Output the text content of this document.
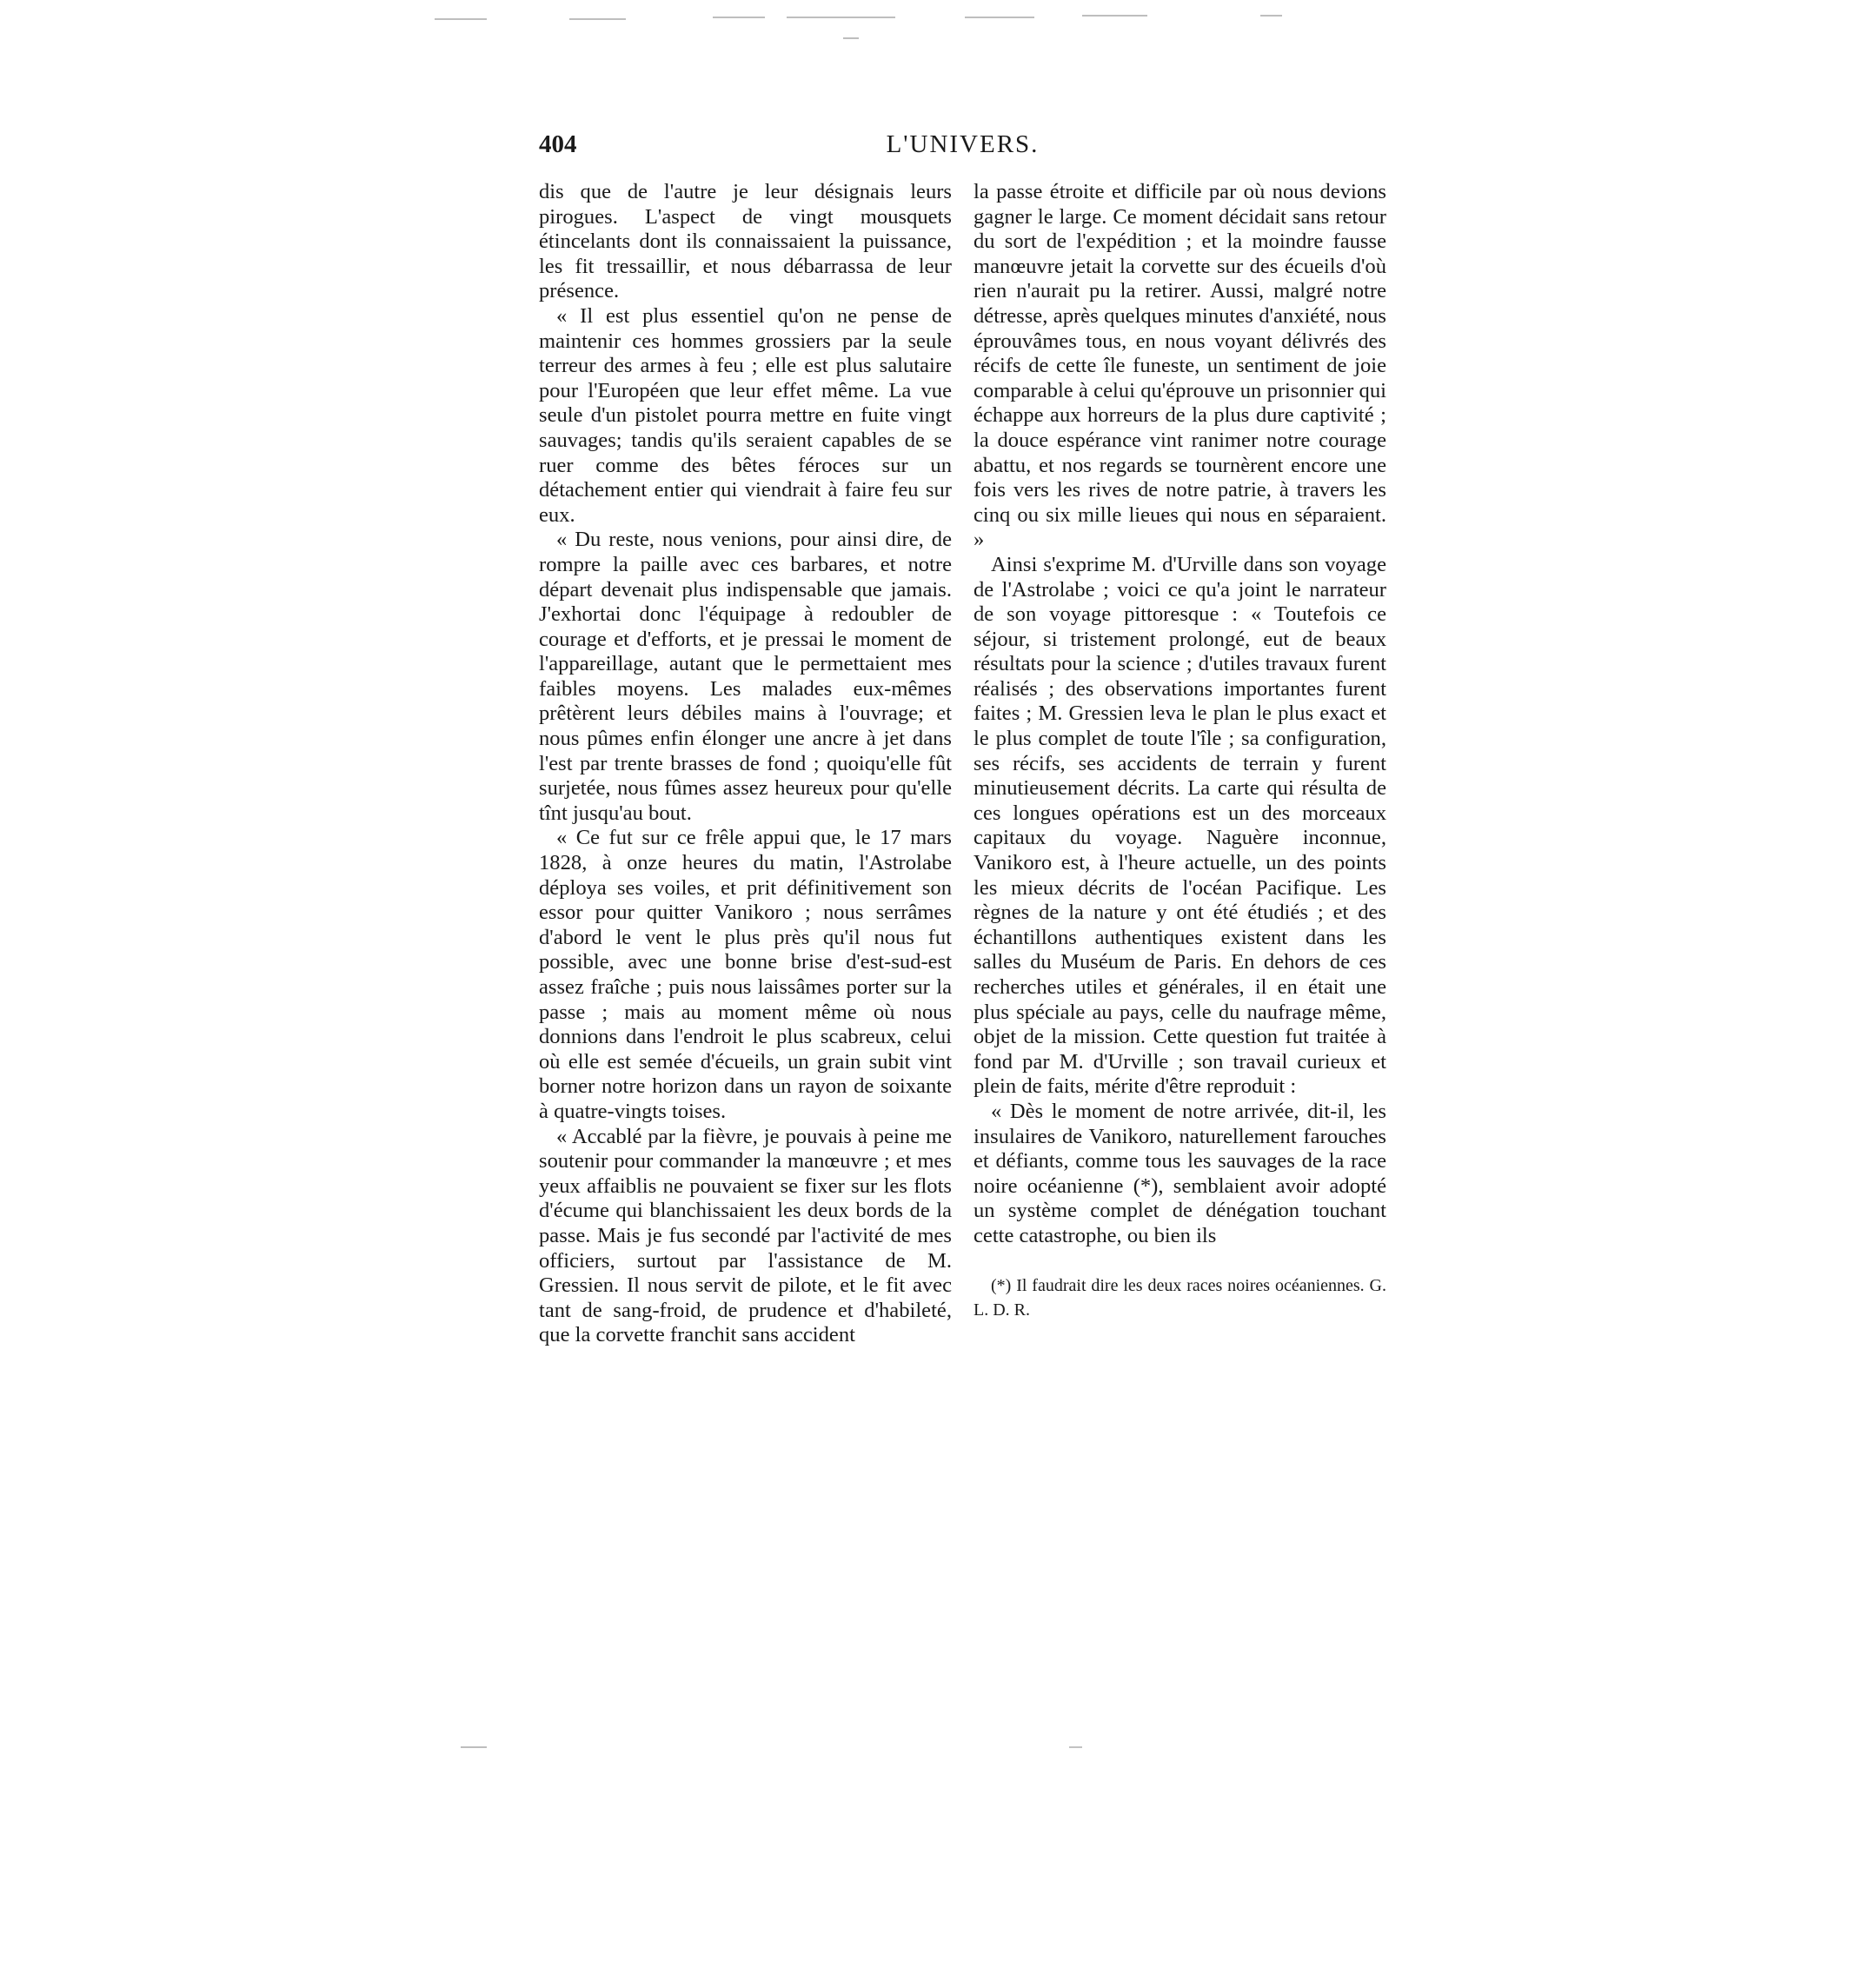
404	L'UNIVERS.

dis que de l'autre je leur désignais leurs pirogues. L'aspect de vingt mousquets étincelants dont ils connaissaient la puissance, les fit tressaillir, et nous débarrassa de leur présence.

« Il est plus essentiel qu'on ne pense de maintenir ces hommes grossiers par la seule terreur des armes à feu ; elle est plus salutaire pour l'Européen que leur effet même. La vue seule d'un pistolet pourra mettre en fuite vingt sauvages; tandis qu'ils seraient capables de se ruer comme des bêtes féroces sur un détachement entier qui viendrait à faire feu sur eux.

« Du reste, nous venions, pour ainsi dire, de rompre la paille avec ces barbares, et notre départ devenait plus indispensable que jamais. J'exhortai donc l'équipage à redoubler de courage et d'efforts, et je pressai le moment de l'appareillage, autant que le permettaient mes faibles moyens. Les malades eux-mêmes prêtèrent leurs débiles mains à l'ouvrage; et nous pûmes enfin élonger une ancre à jet dans l'est par trente brasses de fond ; quoiqu'elle fût surjetée, nous fûmes assez heureux pour qu'elle tînt jusqu'au bout.

« Ce fut sur ce frêle appui que, le 17 mars 1828, à onze heures du matin, l'Astrolabe déploya ses voiles, et prit définitivement son essor pour quitter Vanikoro ; nous serrâmes d'abord le vent le plus près qu'il nous fut possible, avec une bonne brise d'est-sud-est assez fraîche ; puis nous laissâmes porter sur la passe ; mais au moment même où nous donnions dans l'endroit le plus scabreux, celui où elle est semée d'écueils, un grain subit vint borner notre horizon dans un rayon de soixante à quatre-vingts toises.

« Accablé par la fièvre, je pouvais à peine me soutenir pour commander la manœuvre ; et mes yeux affaiblis ne pouvaient se fixer sur les flots d'écume qui blanchissaient les deux bords de la passe. Mais je fus secondé par l'activité de mes officiers, surtout par l'assistance de M. Gressien. Il nous servit de pilote, et le fit avec tant de sang-froid, de prudence et d'habileté, que la corvette franchit sans accident

la passe étroite et difficile par où nous devions gagner le large. Ce moment décidait sans retour du sort de l'expédition ; et la moindre fausse manœuvre jetait la corvette sur des écueils d'où rien n'aurait pu la retirer. Aussi, malgré notre détresse, après quelques minutes d'anxiété, nous éprouvâmes tous, en nous voyant délivrés des récifs de cette île funeste, un sentiment de joie comparable à celui qu'éprouve un prisonnier qui échappe aux horreurs de la plus dure captivité ; la douce espérance vint ranimer notre courage abattu, et nos regards se tournèrent encore une fois vers les rives de notre patrie, à travers les cinq ou six mille lieues qui nous en séparaient. »

Ainsi s'exprime M. d'Urville dans son voyage de l'Astrolabe ; voici ce qu'a joint le narrateur de son voyage pittoresque : « Toutefois ce séjour, si tristement prolongé, eut de beaux résultats pour la science ; d'utiles travaux furent réalisés ; des observations importantes furent faites ; M. Gressien leva le plan le plus exact et le plus complet de toute l'île ; sa configuration, ses récifs, ses accidents de terrain y furent minutieusement décrits. La carte qui résulta de ces longues opérations est un des morceaux capitaux du voyage. Naguère inconnue, Vanikoro est, à l'heure actuelle, un des points les mieux décrits de l'océan Pacifique. Les règnes de la nature y ont été étudiés ; et des échantillons authentiques existent dans les salles du Muséum de Paris. En dehors de ces recherches utiles et générales, il en était une plus spéciale au pays, celle du naufrage même, objet de la mission. Cette question fut traitée à fond par M. d'Urville ; son travail curieux et plein de faits, mérite d'être reproduit :

« Dès le moment de notre arrivée, dit-il, les insulaires de Vanikoro, naturellement farouches et défiants, comme tous les sauvages de la race noire océanienne (*), semblaient avoir adopté un système complet de dénégation touchant cette catastrophe, ou bien ils

(*) Il faudrait dire les deux races noires océaniennes. G. L. D. R.
